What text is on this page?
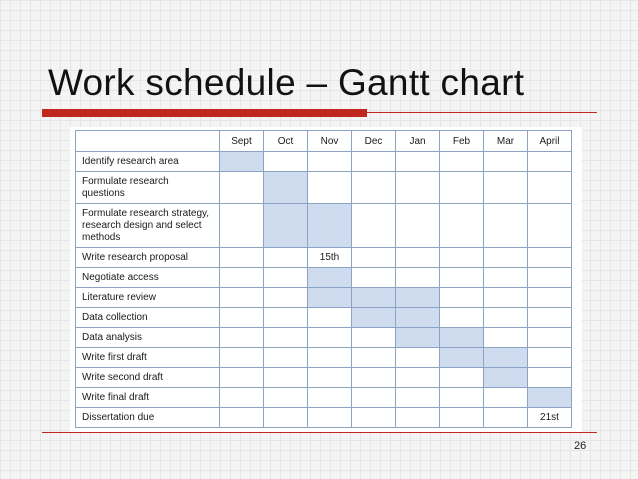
Work schedule – Gantt chart
	Sept	Oct	Nov	Dec	Jan	Feb	Mar	April
Identify research area								
Formulate research questions								
Formulate research strategy, research design and select methods								
Write research proposal			15th					
Negotiate access								
Literature review								
Data collection								
Data analysis								
Write first draft								
Write second draft								
Write final draft								
Dissertation due								21st
26
